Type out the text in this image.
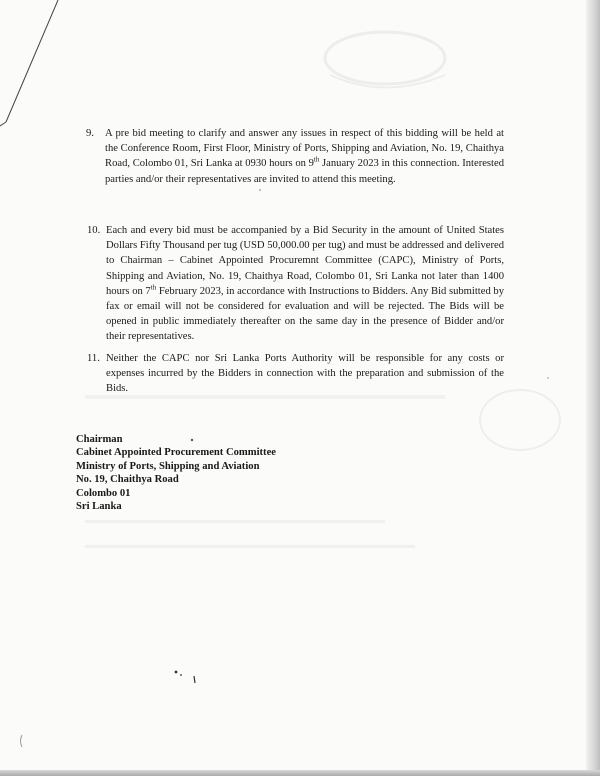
9. A pre bid meeting to clarify and answer any issues in respect of this bidding will be held at the Conference Room, First Floor, Ministry of Ports, Shipping and Aviation, No. 19, Chaithya Road, Colombo 01, Sri Lanka at 0930 hours on 9th January 2023 in this connection. Interested parties and/or their representatives are invited to attend this meeting.
10. Each and every bid must be accompanied by a Bid Security in the amount of United States Dollars Fifty Thousand per tug (USD 50,000.00 per tug) and must be addressed and delivered to Chairman – Cabinet Appointed Procuremnt Committee (CAPC), Ministry of Ports, Shipping and Aviation, No. 19, Chaithya Road, Colombo 01, Sri Lanka not later than 1400 hours on 7th February 2023, in accordance with Instructions to Bidders. Any Bid submitted by fax or email will not be considered for evaluation and will be rejected. The Bids will be opened in public immediately thereafter on the same day in the presence of Bidder and/or their representatives.
11. Neither the CAPC nor Sri Lanka Ports Authority will be responsible for any costs or expenses incurred by the Bidders in connection with the preparation and submission of the Bids.
Chairman
Cabinet Appointed Procurement Committee
Ministry of Ports, Shipping and Aviation
No. 19, Chaithya Road
Colombo 01
Sri Lanka
